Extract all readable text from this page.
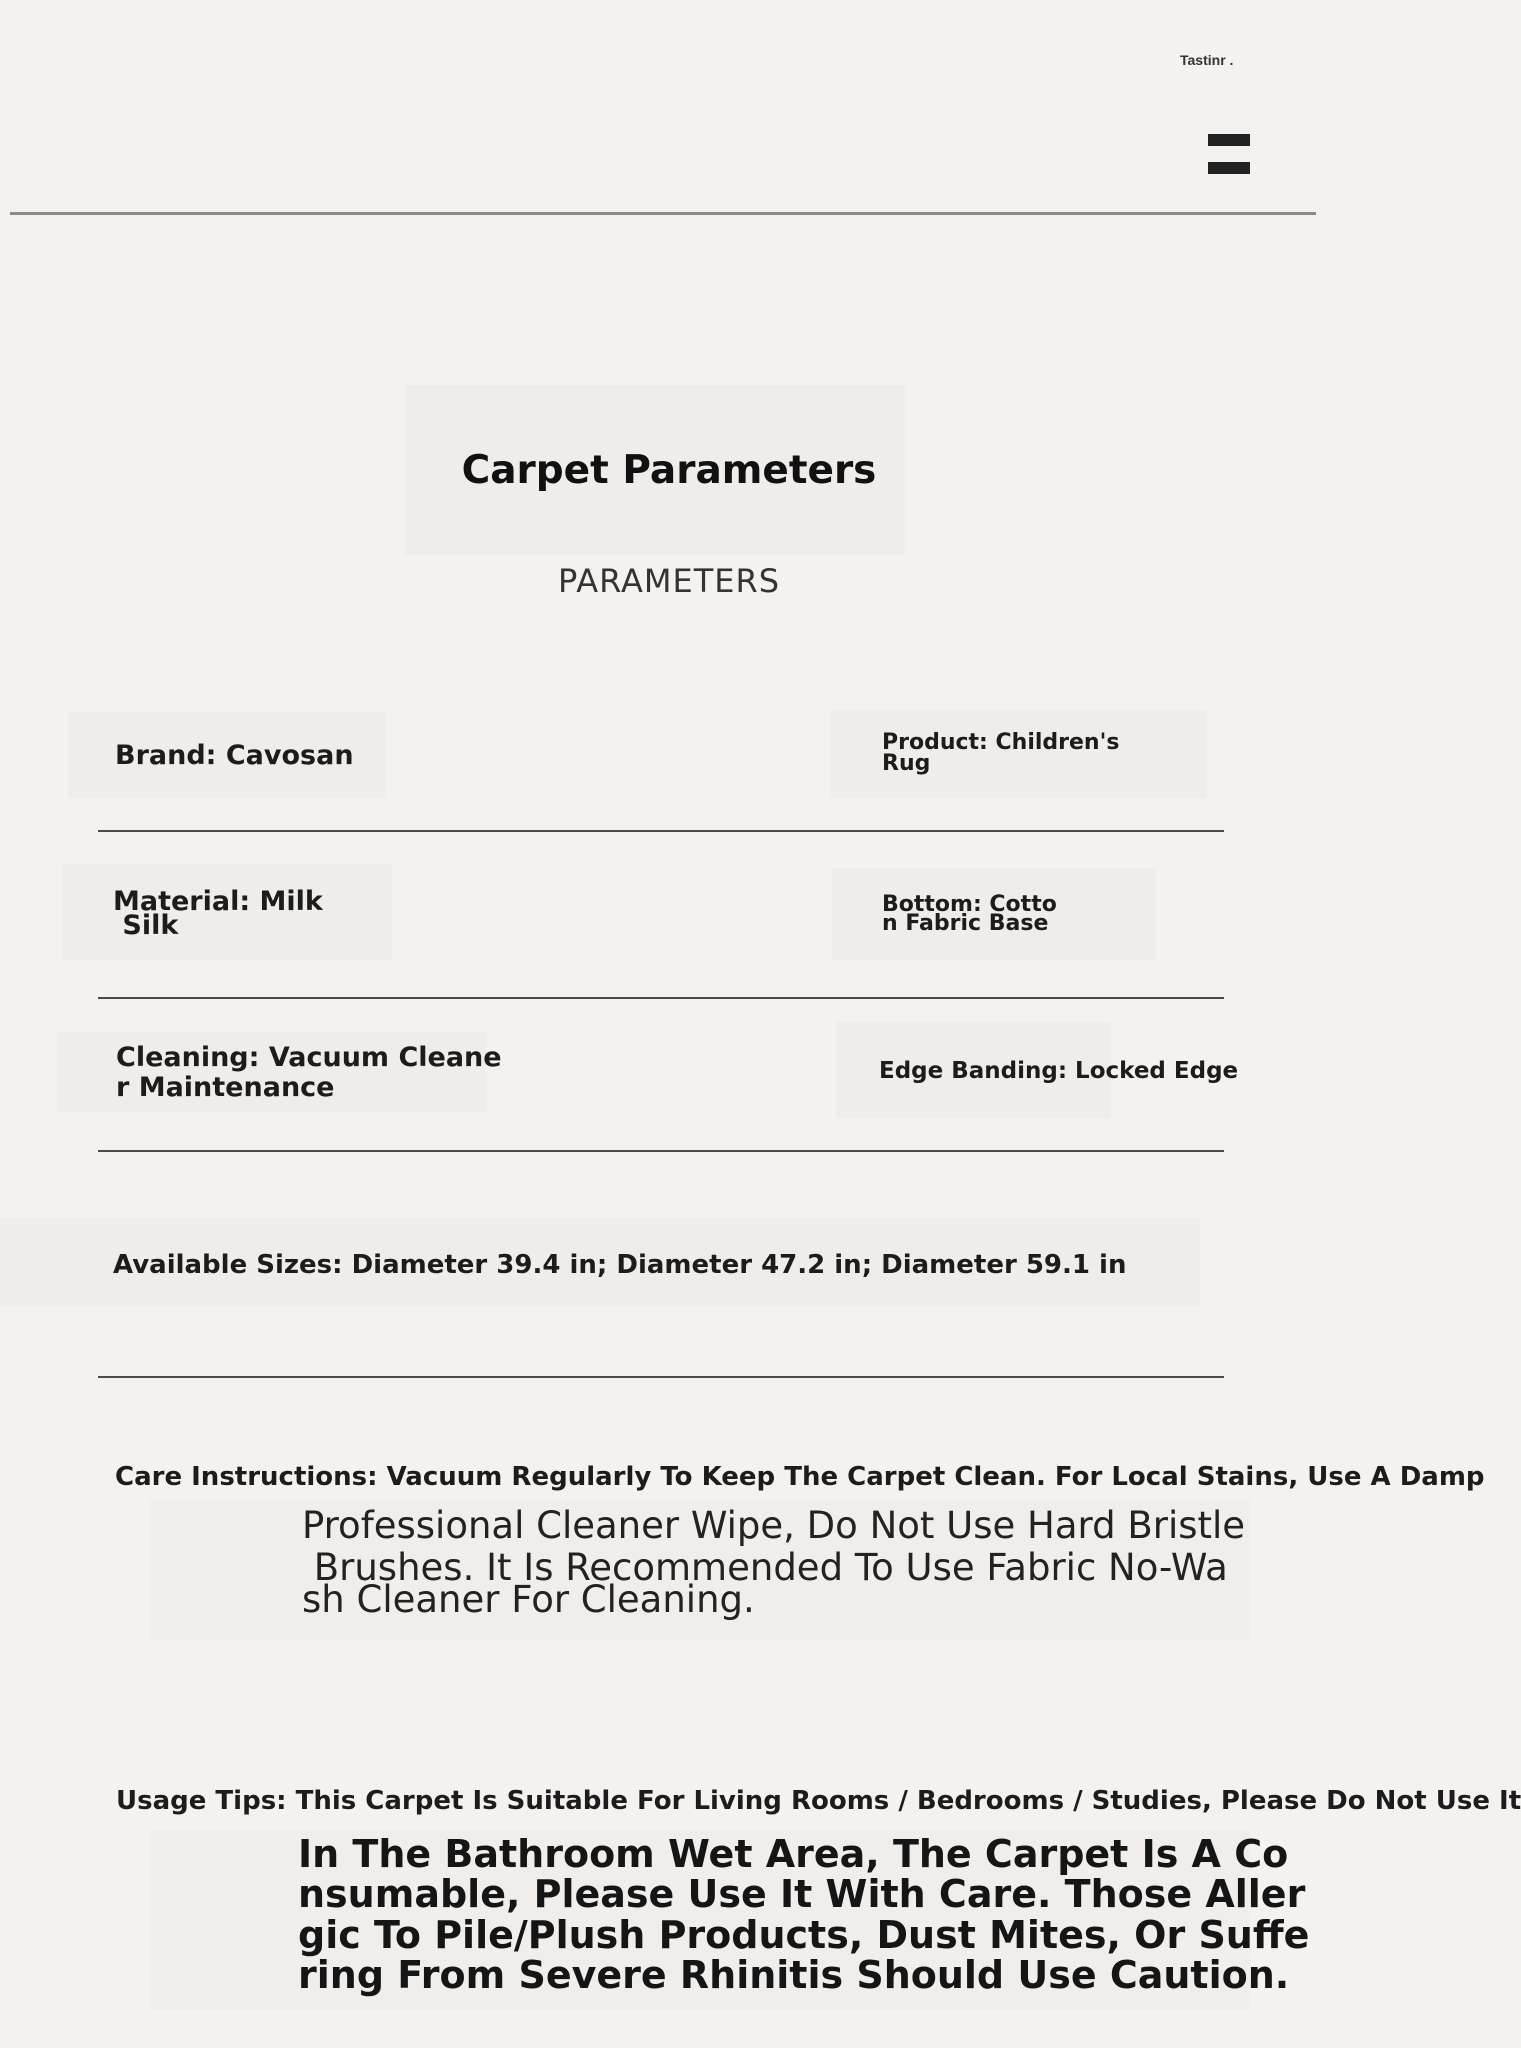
Tastinr .
Carpet Parameters
PARAMETERS
Brand: Cavosan	Product: Children's
Rug
Material: Milk
Silk
Bottom: Cotto
n Fabric Base
Cleaning: Vacuum Cleane
r Maintenance
Edge Banding: Locked Edge
Available Sizes: Diameter 39.4 in; Diameter 47.2 in; Diameter 59.1 in
Care Instructions: Vacuum Regularly To Keep The Carpet Clean. For Local Stains, Use A Damp
Professional Cleaner Wipe, Do Not Use Hard Bristle
Brushes. It Is Recommended To Use Fabric No-Wa
sh Cleaner For Cleaning.
Usage Tips: This Carpet Is Suitable For Living Rooms / Bedrooms / Studies, Please Do Not Use It
In The Bathroom Wet Area, The Carpet Is A Co
nsumable, Please Use It With Care. Those Aller
gic To Pile/Plush Products, Dust Mites, Or Suffe
ring From Severe Rhinitis Should Use Caution.
